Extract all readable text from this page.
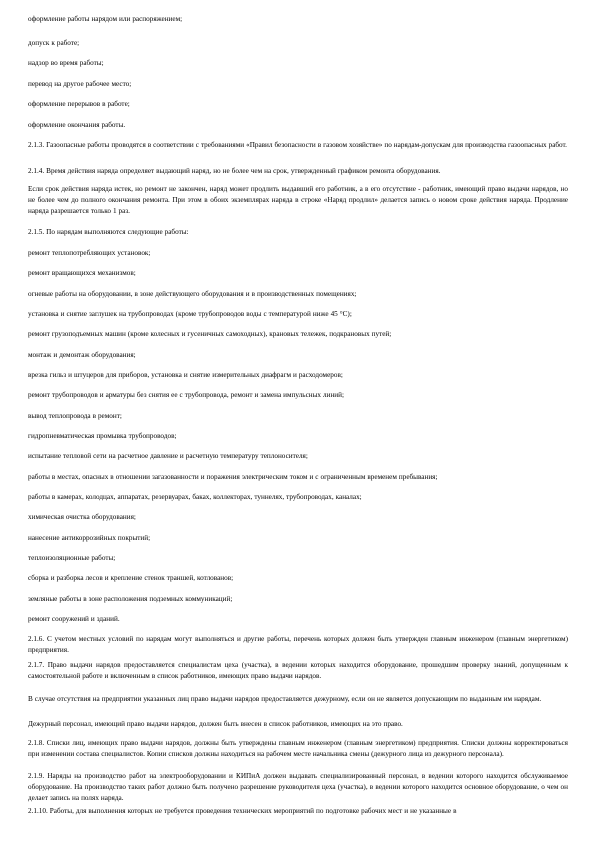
оформление работы нарядом или распоряжением;

допуск к работе;

надзор во время работы;

перевод на другое рабочее место;

оформление перерывов в работе;

оформление окончания работы.

2.1.3. Газоопасные работы проводятся в соответствии с требованиями «Правил безопасности в газовом хозяйстве» по нарядам-допускам для производства газоопасных работ.

2.1.4. Время действия наряда определяет выдающий наряд, но не более чем на срок, утвержденный графиком ремонта оборудования.

Если срок действия наряда истек, но ремонт не закончен, наряд может продлить выдавший его работник, а в его отсутствие - работник, имеющий право выдачи нарядов, но не более чем до полного окончания ремонта. При этом в обоих экземплярах наряда в строке «Наряд продлил» делается запись о новом сроке действия наряда. Продление наряда разрешается только 1 раз.

2.1.5. По нарядам выполняются следующие работы:

ремонт теплопотребляющих установок;

ремонт вращающихся механизмов;

огневые работы на оборудовании, в зоне действующего оборудования и в производственных помещениях;

установка и снятие заглушек на трубопроводах (кроме трубопроводов воды с температурой ниже 45 °С);

ремонт грузоподъемных машин (кроме колесных и гусеничных самоходных), крановых тележек, подкрановых путей;

монтаж и демонтаж оборудования;

врезка гильз и штуцеров для приборов, установка и снятие измерительных диафрагм и расходомеров;

ремонт трубопроводов и арматуры без снятия ее с трубопровода, ремонт и замена импульсных линий;

вывод теплопровода в ремонт;

гидропневматическая промывка трубопроводов;

испытание тепловой сети на расчетное давление и расчетную температуру теплоносителя;

работы в местах, опасных в отношении загазованности и поражения электрическим током и с ограниченным временем пребывания;

работы в камерах, колодцах, аппаратах, резервуарах, баках, коллекторах, туннелях, трубопроводах, каналах;

химическая очистка оборудования;

нанесение антикоррозийных покрытий;

теплоизоляционные работы;

сборка и разборка лесов и крепление стенок траншей, котлованов;

земляные работы в зоне расположения подземных коммуникаций;

ремонт сооружений и зданий.

2.1.6. С учетом местных условий по нарядам могут выполняться и другие работы, перечень которых должен быть утвержден главным инженером (главным энергетиком) предприятия.

2.1.7. Право выдачи нарядов предоставляется специалистам цеха (участка), в ведении которых находится оборудование, прошедшим проверку знаний, допущенным к самостоятельной работе и включенным в список работников, имеющих право выдачи нарядов.

В случае отсутствия на предприятии указанных лиц право выдачи нарядов предоставляется дежурному, если он не является допускающим по выданным им нарядам.

Дежурный персонал, имеющий право выдачи нарядов, должен быть внесен в список работников, имеющих на это право.

2.1.8. Списки лиц, имеющих право выдачи нарядов, должны быть утверждены главным инженером (главным энергетиком) предприятия. Списки должны корректироваться при изменении состава специалистов. Копии списков должны находиться на рабочем месте начальника смены (дежурного лица из дежурного персонала).

2.1.9. Наряды на производство работ на электрооборудовании и КИПиА должен выдавать специализированный персонал, в ведении которого находится обслуживаемое оборудование. На производство таких работ должно быть получено разрешение руководителя цеха (участка), в ведении которого находится основное оборудование, о чем он делает запись на полях наряда.

2.1.10. Работы, для выполнения которых не требуется проведения технических мероприятий по подготовке рабочих мест и не указанные в
